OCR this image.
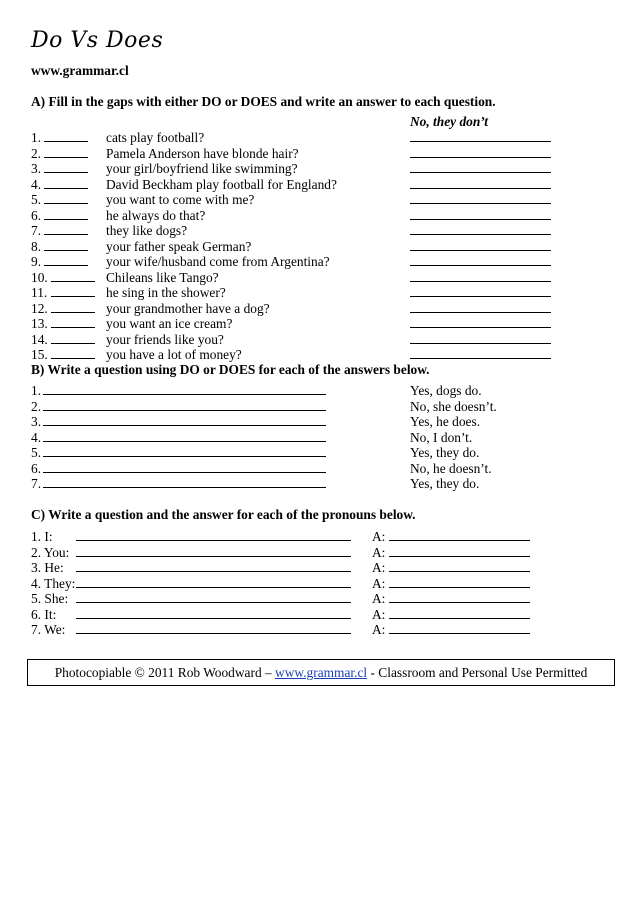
Do Vs Does
www.grammar.cl
A) Fill in the gaps with either DO or DOES and write an answer to each question.
No, they don’t
1.	cats play football?
2.	Pamela Anderson have blonde hair?
3.	your girl/boyfriend like swimming?
4.	David Beckham play football for England?
5.	you want to come with me?
6.	he always do that?
7.	they like dogs?
8.	your father speak German?
9.	your wife/husband come from Argentina?
10.	Chileans like Tango?
11.	he sing in the shower?
12.	your grandmother have a dog?
13.	you want an ice cream?
14.	your friends like you?
15.	you have a lot of money?
B) Write a question using DO or DOES for each of the answers below.
1.	Yes, dogs do.
2.	No, she doesn’t.
3.	Yes, he does.
4.	No, I don’t.
5.	Yes, they do.
6.	No, he doesn’t.
7.	Yes, they do.
C) Write a question and the answer for each of the pronouns below.
1. I:	A:
2. You:	A:
3. He:	A:
4. They:	A:
5. She:	A:
6. It:	A:
7. We:	A:
Photocopiable © 2011 Rob Woodward – www.grammar.cl - Classroom and Personal Use Permitted
